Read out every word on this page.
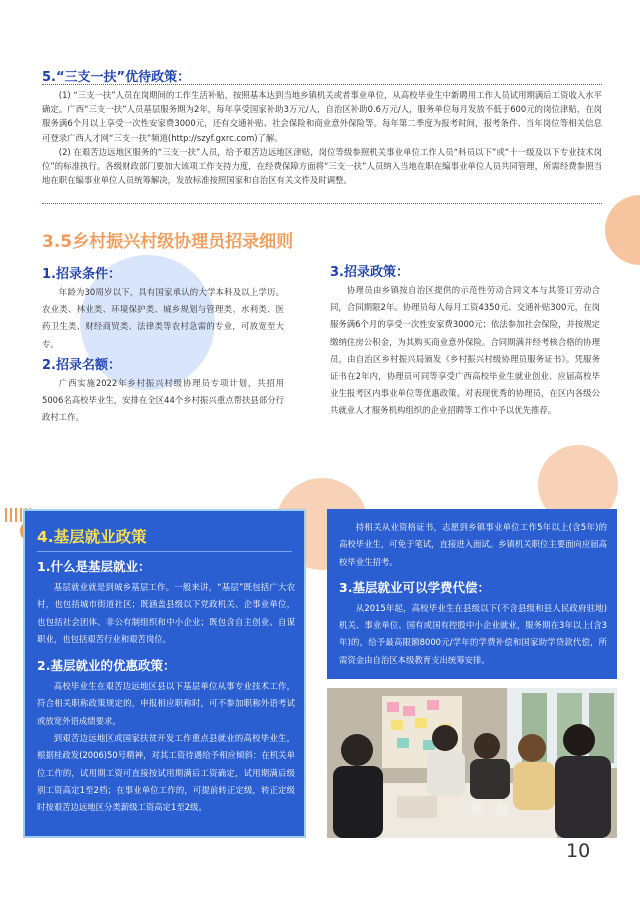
5.“三支一扶”优待政策：

(1) “三支一扶”人员在岗期间的工作生活补贴，按照基本达到当地乡镇机关或者事业单位，从高校毕业生中新聘用工作人员试用期满后工资收入水平确定。广西“三支一扶”人员基层服务期为2年，每年享受国家补助3万元/人，自治区补助0.6万元/人，服务单位每月发放不低于600元的岗位津贴，在岗服务满6个月以上享受一次性安家费3000元，还有交通补贴、社会保险和商业意外保险等。每年第二季度为报考时间，报考条件、当年岗位等相关信息可登录广西人才网“三支一扶”频道(http://szyf.gxrc.com)了解。

(2) 在艰苦边远地区服务的“三支一扶”人员，给予艰苦边远地区津贴，岗位等级参照机关事业单位工作人员“科员以下”或“十一级及以下专业技术岗位”的标准执行。各级财政部门要加大该项工作支持力度，在经费保障方面将“三支一扶”人员纳入当地在职在编事业单位人员共同管理，所需经费参照当地在职在编事业单位人员统筹解决，发放标准按照国家和自治区有关文件及时调整。

3.5乡村振兴村级协理员招录细则
1.招录条件：

年龄为30周岁以下，具有国家承认的大学本科及以上学历。农业类、林业类、环境保护类、城乡规划与管理类、水利类、医药卫生类、财经商贸类、法律类等农村急需的专业，可放宽至大专。

2.招录名额：

广西实施2022年乡村振兴村级协理员专项计划，共招用5006名高校毕业生，安排在全区44个乡村振兴重点帮扶县部分行政村工作。

3.招录政策：

协理员由乡镇按自治区提供的示范性劳动合同文本与其签订劳动合同，合同期限2年。协理员每人每月工资4350元、交通补贴300元，在岗服务满6个月的享受一次性安家费3000元；依法参加社会保险，并按规定缴纳住房公积金，为其购买商业意外保险。合同期满并经考核合格的协理员，由自治区乡村振兴局颁发《乡村振兴村级协理员服务证书》。凭服务证书在2年内，协理员可同等享受广西高校毕业生就业创业、应届高校毕业生报考区内事业单位等优惠政策。对表现优秀的协理员，在区内各级公共就业人才服务机构组织的企业招聘等工作中予以优先推荐。

4.基层就业政策
1.什么是基层就业：

基层就业就是到城乡基层工作。一般来讲，“基层”既包括广大农村，也包括城市街道社区；既涵盖县级以下党政机关、企事业单位，也包括社会团体、非公有制组织和中小企业；既包含自主创业、自谋职业，也包括艰苦行业和艰苦岗位。

2.基层就业的优惠政策：

高校毕业生在艰苦边远地区县以下基层单位从事专业技术工作，符合相关职称政策规定的，申报相应职称时，可不参加职称外语考试或放宽外语成绩要求。

到艰苦边远地区或国家扶贫开发工作重点县就业的高校毕业生，根据桂政发(2006)50号精神，对其工资待遇给予相应倾斜：在机关单位工作的，试用期工资可直接按试用期满后工资确定，试用期满后级别工资高定1至2档；在事业单位工作的，可提前转正定级，转正定级时按艰苦边远地区分类薪级工资高定1至2级。

持相关从业资格证书，志愿到乡镇事业单位工作5年以上(含5年)的高校毕业生，可免于笔试，直接进入面试。乡镇机关职位主要面向应届高校毕业生招考。

3.基层就业可以学费代偿：

从2015年起，高校毕业生在县级以下(不含县级和县人民政府驻地)机关、事业单位、国有或国有控股中小企业就业，服务期在3年以上(含3年)的，给予最高限额8000元/学年的学费补偿和国家助学贷款代偿，所需资金由自治区本级教育支出统筹安排。

10
